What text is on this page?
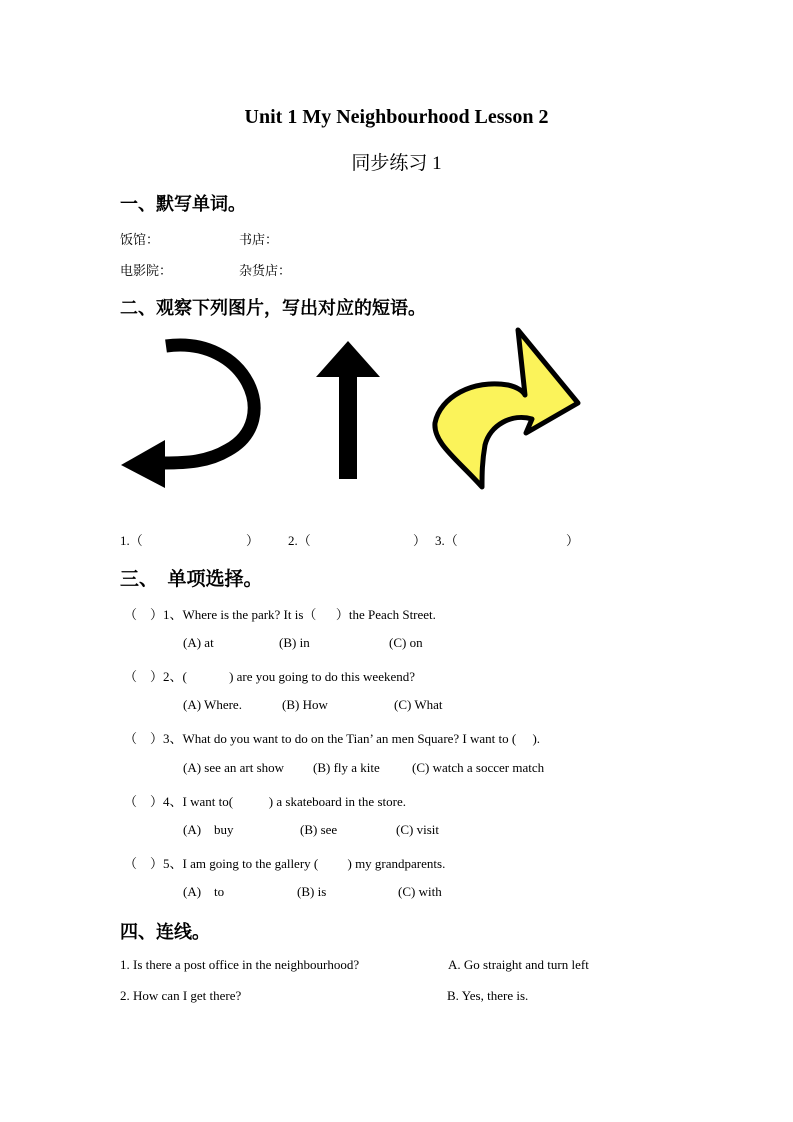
Unit 1 My Neighbourhood Lesson 2
同步练习 1
一、默写单词。
饭馆：	书店：
电影院：	杂货店：
二、观察下列图片，写出对应的短语。
1.（	） 2.（	） 3.（	）
三、  单项选择。
（    ）1、Where is the park? It is（      ）the Peach Street.
(A) at	(B) in	(C) on
（    ）2、(             ) are you going to do this weekend?
(A) Where.	(B) How	(C) What
（    ）3、What do you want to do on the Tian’ an men Square? I want to (     ).
(A) see an art show (B) fly a kite (C) watch a soccer match
（    ）4、I want to(           ) a skateboard in the store.
(A)    buy	(B) see	(C) visit
（    ）5、I am going to the gallery (         ) my grandparents.
(A)    to	(B) is	(C) with
四、连线。
1. Is there a post office in the neighbourhood?	A. Go straight and turn left
2. How can I get there?	B. Yes, there is.
